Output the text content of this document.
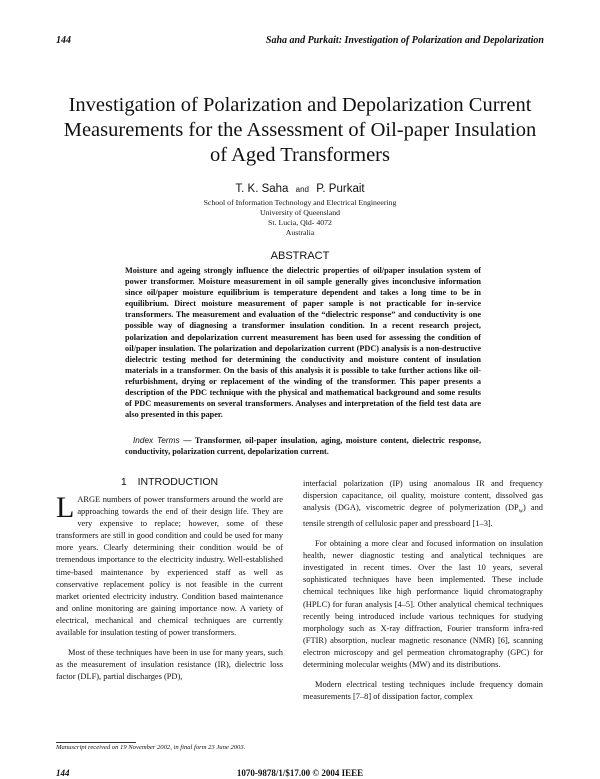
144	Saha and Purkait: Investigation of Polarization and Depolarization
Investigation of Polarization and Depolarization Current
Measurements for the Assessment of Oil-paper Insulation
of Aged Transformers
T. K. Saha and P. Purkait
School of Information Technology and Electrical Engineering
University of Queensland
St. Lucia, Qld- 4072
Australia
ABSTRACT
Moisture and ageing strongly influence the dielectric properties of oil/paper insulation system of power transformer. Moisture measurement in oil sample generally gives inconclusive information since oil/paper moisture equilibrium is temperature dependent and takes a long time to be in equilibrium. Direct moisture measurement of paper sample is not practicable for in-service transformers. The measurement and evaluation of the “dielectric response” and conductivity is one possible way of diagnosing a transformer insulation condition. In a recent research project, polarization and depolarization current measurement has been used for assessing the condition of oil/paper insulation. The polarization and depolarization current (PDC) analysis is a non-destructive dielectric testing method for determining the conductivity and moisture content of insulation materials in a transformer. On the basis of this analysis it is possible to take further actions like oil-refurbishment, drying or replacement of the winding of the transformer. This paper presents a description of the PDC technique with the physical and mathematical background and some results of PDC measurements on several transformers. Analyses and interpretation of the field test data are also presented in this paper.
Index Terms — Transformer, oil-paper insulation, aging, moisture content, dielectric response, conductivity, polarization current, depolarization current.
1 INTRODUCTION

LARGE numbers of power transformers around the world are approaching towards the end of their design life. They are very expensive to replace; however, some of these transformers are still in good condition and could be used for many more years. Clearly determining their condition would be of tremendous importance to the electricity industry. Well-established time-based maintenance by experienced staff as well as conservative replacement policy is not feasible in the current market oriented electricity industry. Condition based maintenance and online monitoring are gaining importance now. A variety of electrical, mechanical and chemical techniques are currently available for insulation testing of power transformers.

Most of these techniques have been in use for many years, such as the measurement of insulation resistance (IR), dielectric loss factor (DLF), partial discharges (PD),

interfacial polarization (IP) using anomalous IR and frequency dispersion capacitance, oil quality, moisture content, dissolved gas analysis (DGA), viscometric degree of polymerization $(DP_w)$ and tensile strength of cellulosic paper and pressboard [1–3].

For obtaining a more clear and focused information on insulation health, newer diagnostic testing and analytical techniques are investigated in recent times. Over the last 10 years, several sophisticated techniques have been implemented. These include chemical techniques like high performance liquid chromatography (HPLC) for furan analysis [4–5]. Other analytical chemical techniques recently being introduced include various techniques for studying morphology such as X-ray diffraction, Fourier transform infra-red (FTIR) absorption, nuclear magnetic resonance (NMR) [6], scanning electron microscopy and gel permeation chromatography (GPC) for determining molecular weights (MW) and its distributions.

Modern electrical testing techniques include frequency domain measurements [7–8] of dissipation factor, complex

Manuscript received on 19 November 2002, in final form 23 June 2003.
144	1070-9878/1/$17.00 © 2004 IEEE
